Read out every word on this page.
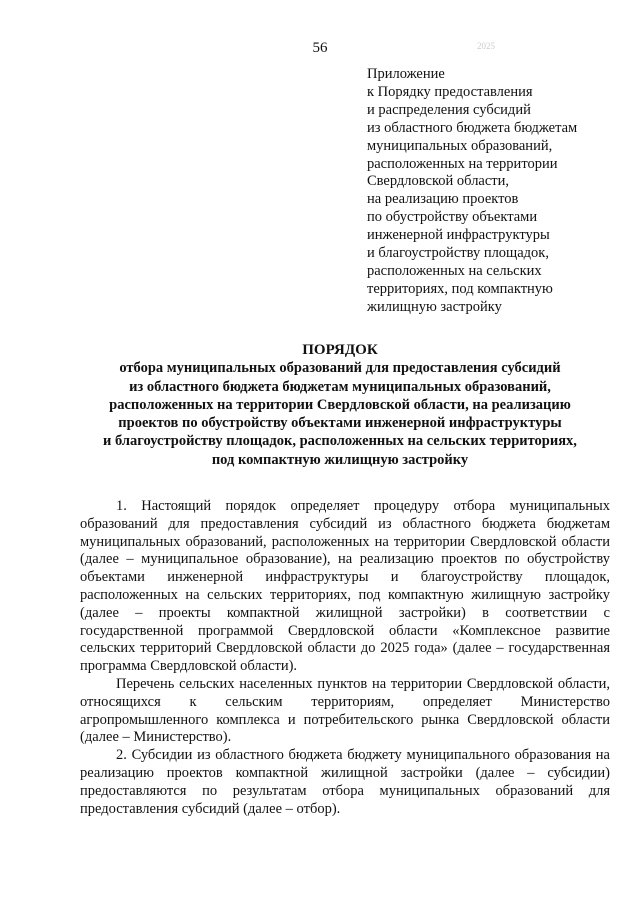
56	2025
Приложение
к Порядку предоставления
и распределения субсидий
из областного бюджета бюджетам
муниципальных образований,
расположенных на территории
Свердловской области,
на реализацию проектов
по обустройству объектами
инженерной инфраструктуры
и благоустройству площадок,
расположенных на сельских
территориях, под компактную
жилищную застройку
ПОРЯДОК
отбора муниципальных образований для предоставления субсидий
из областного бюджета бюджетам муниципальных образований,
расположенных на территории Свердловской области, на реализацию
проектов по обустройству объектами инженерной инфраструктуры
и благоустройству площадок, расположенных на сельских территориях,
под компактную жилищную застройку

1. Настоящий порядок определяет процедуру отбора муниципальных образований для предоставления субсидий из областного бюджета бюджетам муниципальных образований, расположенных на территории Свердловской области (далее – муниципальное образование), на реализацию проектов по обустройству объектами инженерной инфраструктуры и благоустройству площадок, расположенных на сельских территориях, под компактную жилищную застройку (далее – проекты компактной жилищной застройки) в соответствии с государственной программой Свердловской области «Комплексное развитие сельских территорий Свердловской области до 2025 года» (далее – государственная программа Свердловской области).

Перечень сельских населенных пунктов на территории Свердловской области, относящихся к сельским территориям, определяет Министерство агропромышленного комплекса и потребительского рынка Свердловской области (далее – Министерство).

2. Субсидии из областного бюджета бюджету муниципального образования на реализацию проектов компактной жилищной застройки (далее – субсидии) предоставляются по результатам отбора муниципальных образований для предоставления субсидий (далее – отбор).
